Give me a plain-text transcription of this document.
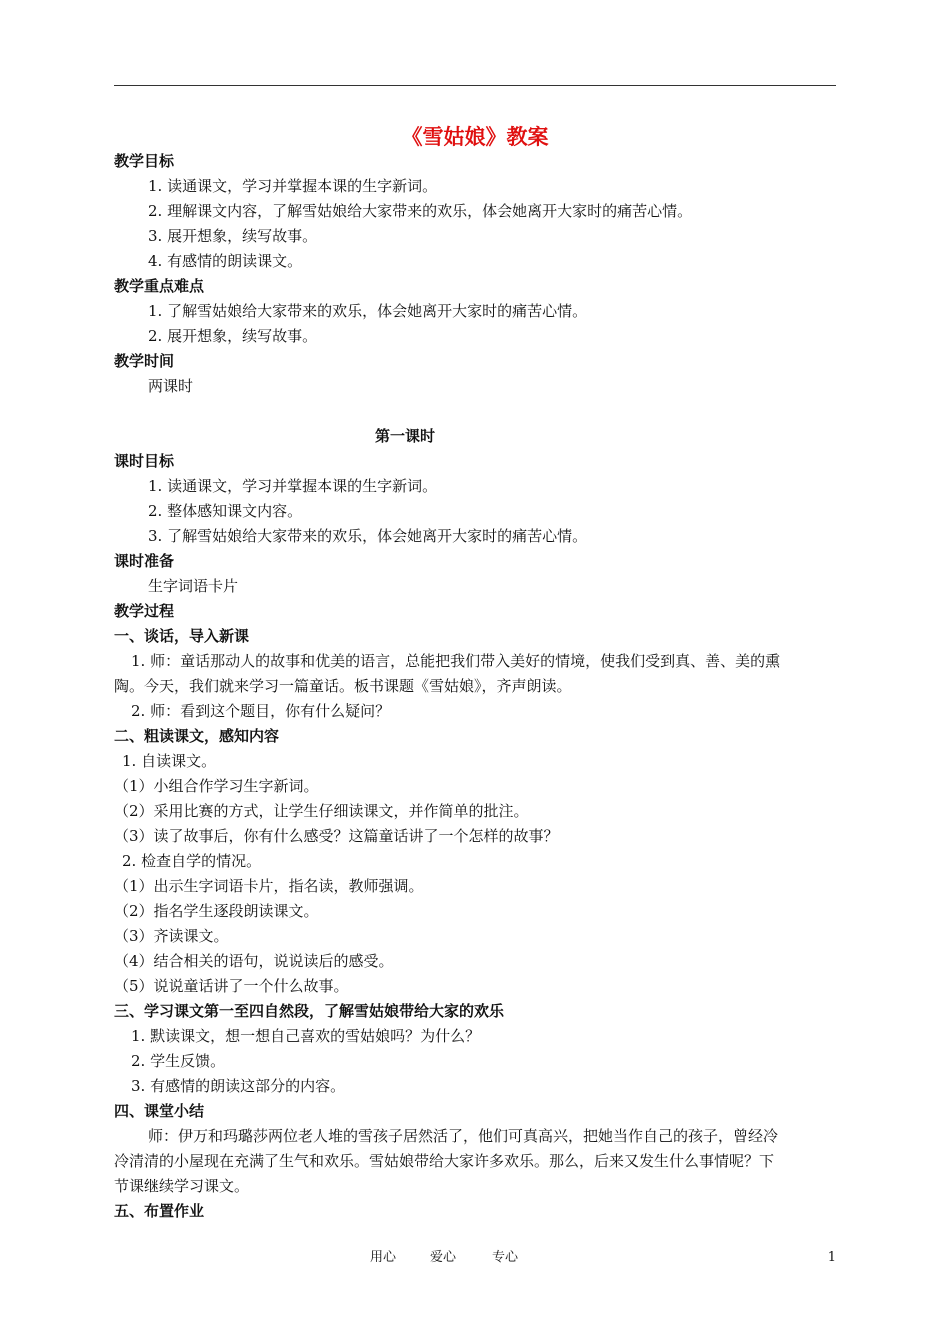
《雪姑娘》教案
教学目标
1. 读通课文，学习并掌握本课的生字新词。
2. 理解课文内容，了解雪姑娘给大家带来的欢乐，体会她离开大家时的痛苦心情。
3. 展开想象，续写故事。
4. 有感情的朗读课文。
教学重点难点
1. 了解雪姑娘给大家带来的欢乐，体会她离开大家时的痛苦心情。
2. 展开想象，续写故事。
教学时间
两课时
第一课时
课时目标
1. 读通课文，学习并掌握本课的生字新词。
2. 整体感知课文内容。
3. 了解雪姑娘给大家带来的欢乐，体会她离开大家时的痛苦心情。
课时准备
生字词语卡片
教学过程
一、谈话，导入新课
1. 师：童话那动人的故事和优美的语言，总能把我们带入美好的情境，使我们受到真、善、美的熏
陶。今天，我们就来学习一篇童话。板书课题《雪姑娘》，齐声朗读。
2. 师：看到这个题目，你有什么疑问？
二、粗读课文，感知内容
1. 自读课文。
（1）小组合作学习生字新词。
（2）采用比赛的方式，让学生仔细读课文，并作简单的批注。
（3）读了故事后，你有什么感受？这篇童话讲了一个怎样的故事？
2. 检查自学的情况。
（1）出示生字词语卡片，指名读，教师强调。
（2）指名学生逐段朗读课文。
（3）齐读课文。
（4）结合相关的语句，说说读后的感受。
（5）说说童话讲了一个什么故事。
三、学习课文第一至四自然段，了解雪姑娘带给大家的欢乐
1. 默读课文，想一想自己喜欢的雪姑娘吗？为什么？
2. 学生反馈。
3. 有感情的朗读这部分的内容。
四、课堂小结
师：伊万和玛璐莎两位老人堆的雪孩子居然活了，他们可真高兴，把她当作自己的孩子，曾经冷
冷清清的小屋现在充满了生气和欢乐。雪姑娘带给大家许多欢乐。那么，后来又发生什么事情呢？下
节课继续学习课文。
五、布置作业
用心	爱心	专心	1
